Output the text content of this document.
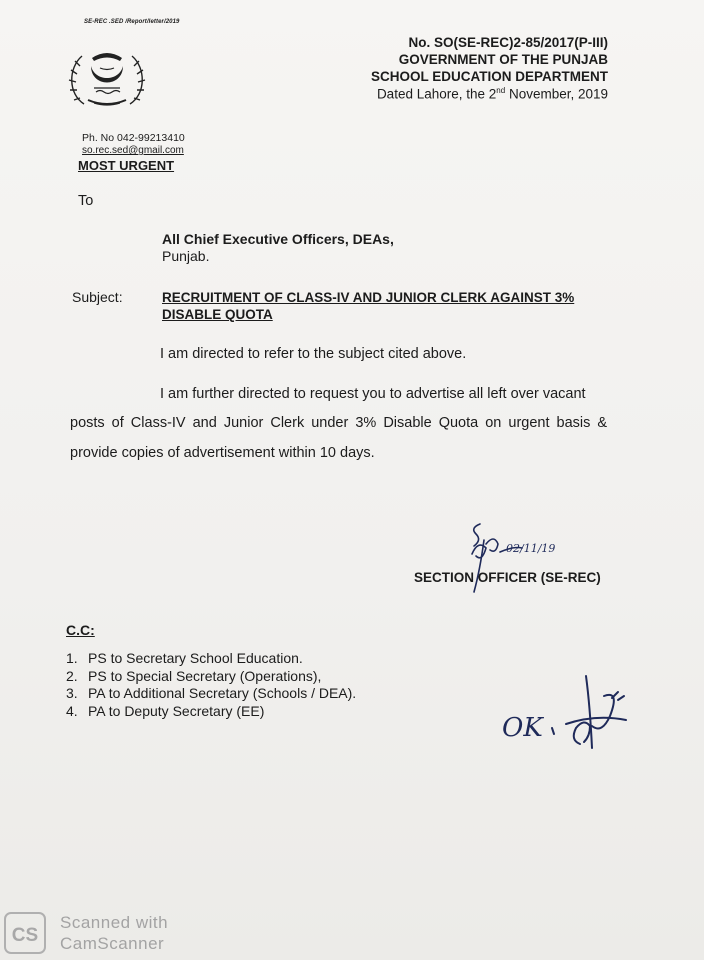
SE-REC .SED /Report/letter/2019
No. SO(SE-REC)2-85/2017(P-III)
GOVERNMENT OF THE PUNJAB
SCHOOL EDUCATION DEPARTMENT
Dated Lahore, the 2nd November, 2019
Ph. No 042-99213410
so.rec.sed@gmail.com
MOST URGENT
To
All Chief Executive Officers, DEAs,
Punjab.
Subject:	RECRUITMENT OF CLASS-IV AND JUNIOR CLERK AGAINST 3% DISABLE QUOTA
I am directed to refer to the subject cited above.
I am further directed to request you to advertise all left over vacant
posts of Class-IV and Junior Clerk under 3% Disable Quota on urgent basis &
provide copies of advertisement within 10 days.
02/11/19
SECTION OFFICER (SE-REC)
C.C:
1. PS to Secretary School Education.
2. PS to Special Secretary (Operations),
3. PA to Additional Secretary (Schools / DEA).
4. PA to Deputy Secretary (EE)
OK
CS
Scanned with
CamScanner
